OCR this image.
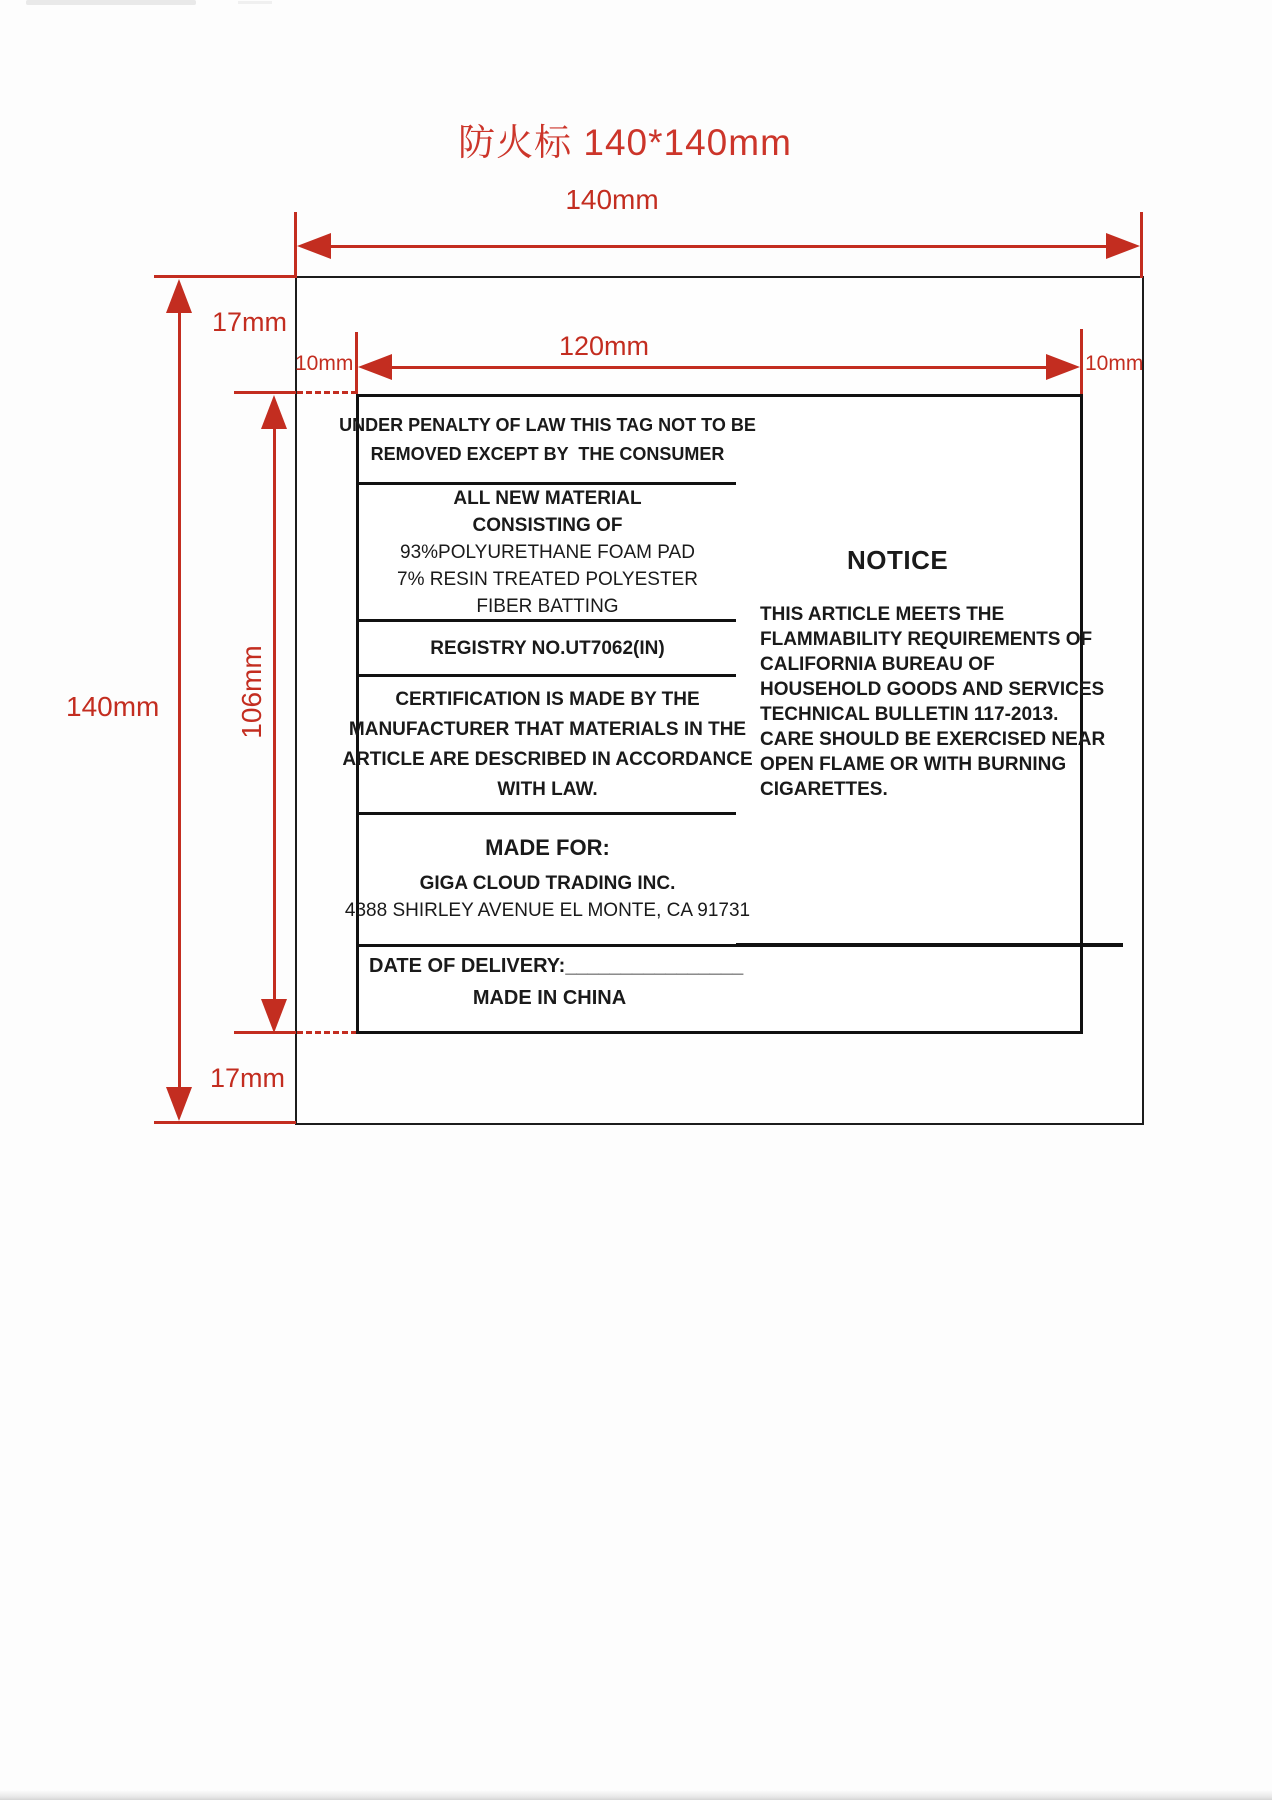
防火标 140*140mm
140mm
120mm
10mm	10mm
140mm	106mm
17mm
17mm
UNDER PENALTY OF LAW THIS TAG NOT TO BE
REMOVED EXCEPT BY  THE CONSUMER
ALL NEW MATERIAL
CONSISTING OF
93%POLYURETHANE FOAM PAD
7% RESIN TREATED POLYESTER
FIBER BATTING
REGISTRY NO.UT7062(IN)
CERTIFICATION IS MADE BY THE
MANUFACTURER THAT MATERIALS IN THE
ARTICLE ARE DESCRIBED IN ACCORDANCE
WITH LAW.
MADE FOR:
GIGA CLOUD TRADING INC.
4388 SHIRLEY AVENUE EL MONTE, CA 91731
DATE OF DELIVERY:________________
MADE IN CHINA
NOTICE
THIS ARTICLE MEETS THE
FLAMMABILITY REQUIREMENTS OF
CALIFORNIA BUREAU OF
HOUSEHOLD GOODS AND SERVICES
TECHNICAL BULLETIN 117-2013.
CARE SHOULD BE EXERCISED NEAR
OPEN FLAME OR WITH BURNING
CIGARETTES.
